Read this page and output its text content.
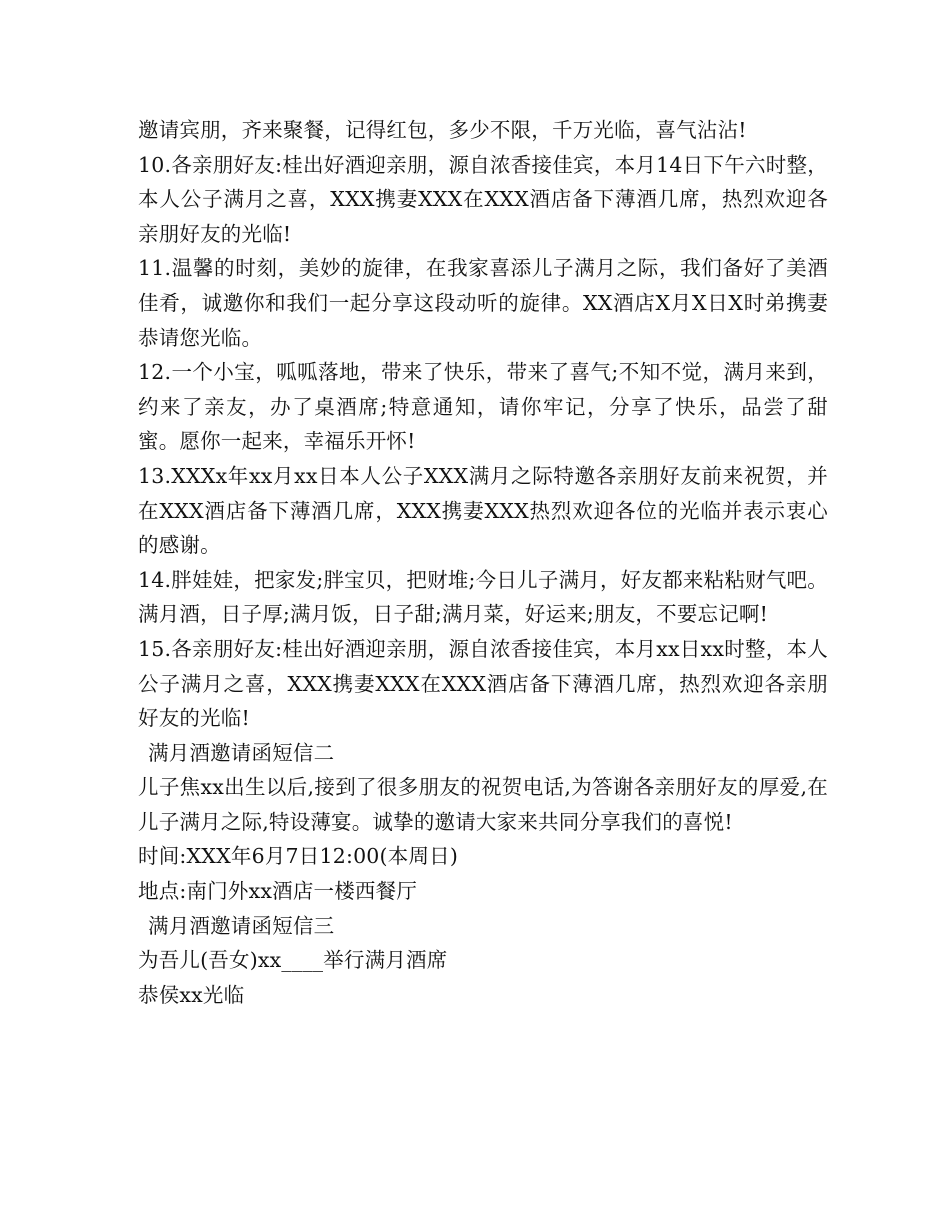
邀请宾朋，齐来聚餐，记得红包，多少不限，千万光临，喜气沾沾!

10.各亲朋好友:桂出好酒迎亲朋，源自浓香接佳宾，本月14日下午六时整，本人公子满月之喜，XXX携妻XXX在XXX酒店备下薄酒几席，热烈欢迎各亲朋好友的光临!

11.温馨的时刻，美妙的旋律，在我家喜添儿子满月之际，我们备好了美酒佳肴，诚邀你和我们一起分享这段动听的旋律。XX酒店X月X日X时弟携妻恭请您光临。

12.一个小宝，呱呱落地，带来了快乐，带来了喜气;不知不觉，满月来到，约来了亲友，办了桌酒席;特意通知，请你牢记，分享了快乐，品尝了甜蜜。愿你一起来，幸福乐开怀!

13.XXXx年xx月xx日本人公子XXX满月之际特邀各亲朋好友前来祝贺，并在XXX酒店备下薄酒几席，XXX携妻XXX热烈欢迎各位的光临并表示衷心的感谢。

14.胖娃娃，把家发;胖宝贝，把财堆;今日儿子满月，好友都来粘粘财气吧。满月酒，日子厚;满月饭，日子甜;满月菜，好运来;朋友，不要忘记啊!

15.各亲朋好友:桂出好酒迎亲朋，源自浓香接佳宾，本月xx日xx时整，本人公子满月之喜，XXX携妻XXX在XXX酒店备下薄酒几席，热烈欢迎各亲朋好友的光临!

满月酒邀请函短信二

儿子焦xx出生以后,接到了很多朋友的祝贺电话,为答谢各亲朋好友的厚爱,在儿子满月之际,特设薄宴。诚挚的邀请大家来共同分享我们的喜悦!

时间:XXX年6月7日12:00(本周日)

地点:南门外xx酒店一楼西餐厅

满月酒邀请函短信三

为吾儿(吾女)xx____举行满月酒席

恭侯xx光临
